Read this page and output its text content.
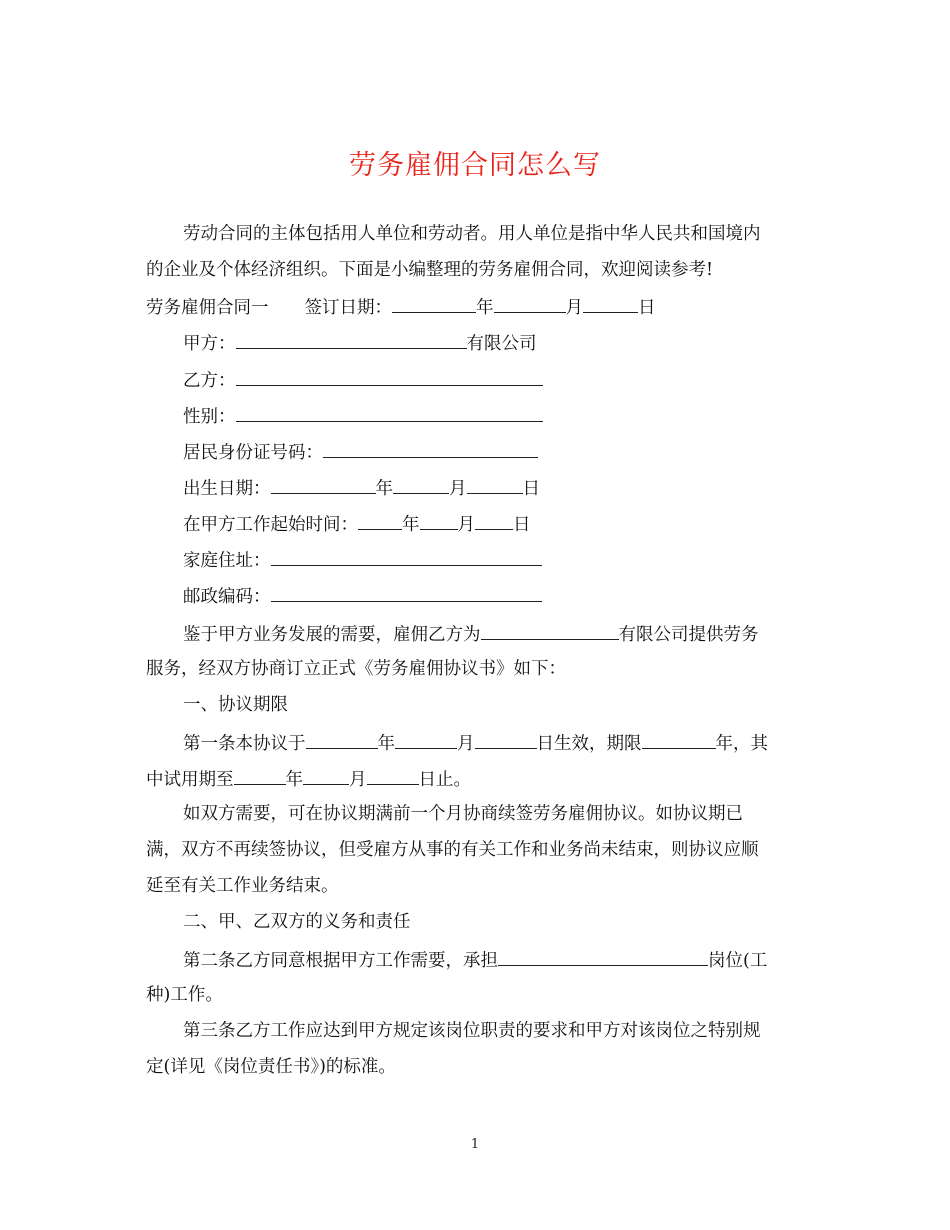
劳务雇佣合同怎么写
劳动合同的主体包括用人单位和劳动者。用人单位是指中华人民共和国境内
的企业及个体经济组织。下面是小编整理的劳务雇佣合同，欢迎阅读参考!
劳务雇佣合同一 签订日期：	年	月	日
甲方：	有限公司
乙方：
性别：
居民身份证号码：
出生日期：	年	月	日
在甲方工作起始时间：	年 月 日
家庭住址：
邮政编码：
鉴于甲方业务发展的需要，雇佣乙方为	有限公司提供劳务
服务，经双方协商订立正式《劳务雇佣协议书》如下：
一、协议期限
第一条本协议于	年	月	日生效，期限	年，其
中试用期至	年	月	日止。
如双方需要，可在协议期满前一个月协商续签劳务雇佣协议。如协议期已
满，双方不再续签协议，但受雇方从事的有关工作和业务尚未结束，则协议应顺
延至有关工作业务结束。
二、甲、乙双方的义务和责任
第二条乙方同意根据甲方工作需要，承担	岗位(工
种)工作。
第三条乙方工作应达到甲方规定该岗位职责的要求和甲方对该岗位之特别规
定(详见《岗位责任书》)的标准。
1
